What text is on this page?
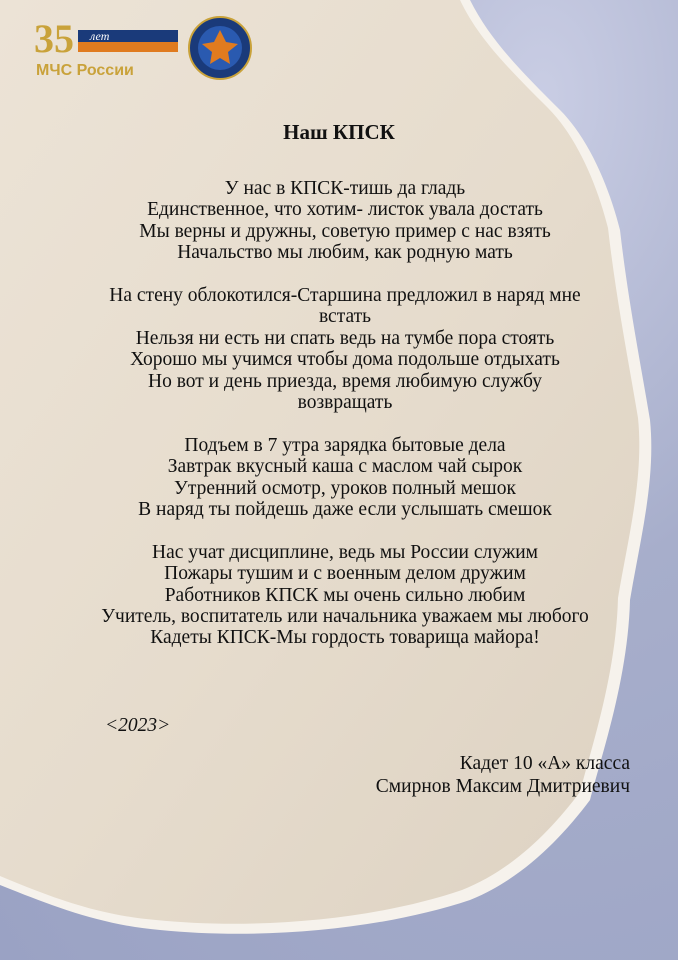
35 лет
МЧС России
Наш КПСК
У нас в КПСК-тишь да гладь
Единственное, что хотим- листок увала достать
Мы верны и дружны, советую пример с нас взять
Начальство мы любим, как родную мать
На стену облокотился-Старшина предложил в наряд мне встать
Нельзя ни есть ни спать ведь на тумбе пора стоять
Хорошо мы учимся чтобы дома подольше отдыхать
Но вот и день приезда, время любимую службу возвращать
Подъем в 7 утра зарядка бытовые дела
Завтрак вкусный каша с маслом чай сырок
Утренний осмотр, уроков полный мешок
В наряд ты пойдешь даже если услышать смешок
Нас учат дисциплине, ведь мы России служим
Пожары тушим и с военным делом дружим
Работников КПСК мы очень сильно любим
Учитель, воспитатель или начальника уважаем мы любого
Кадеты КПСК-Мы гордость товарища майора!
<2023>
Кадет 10 «А» класса
Смирнов Максим Дмитриевич
